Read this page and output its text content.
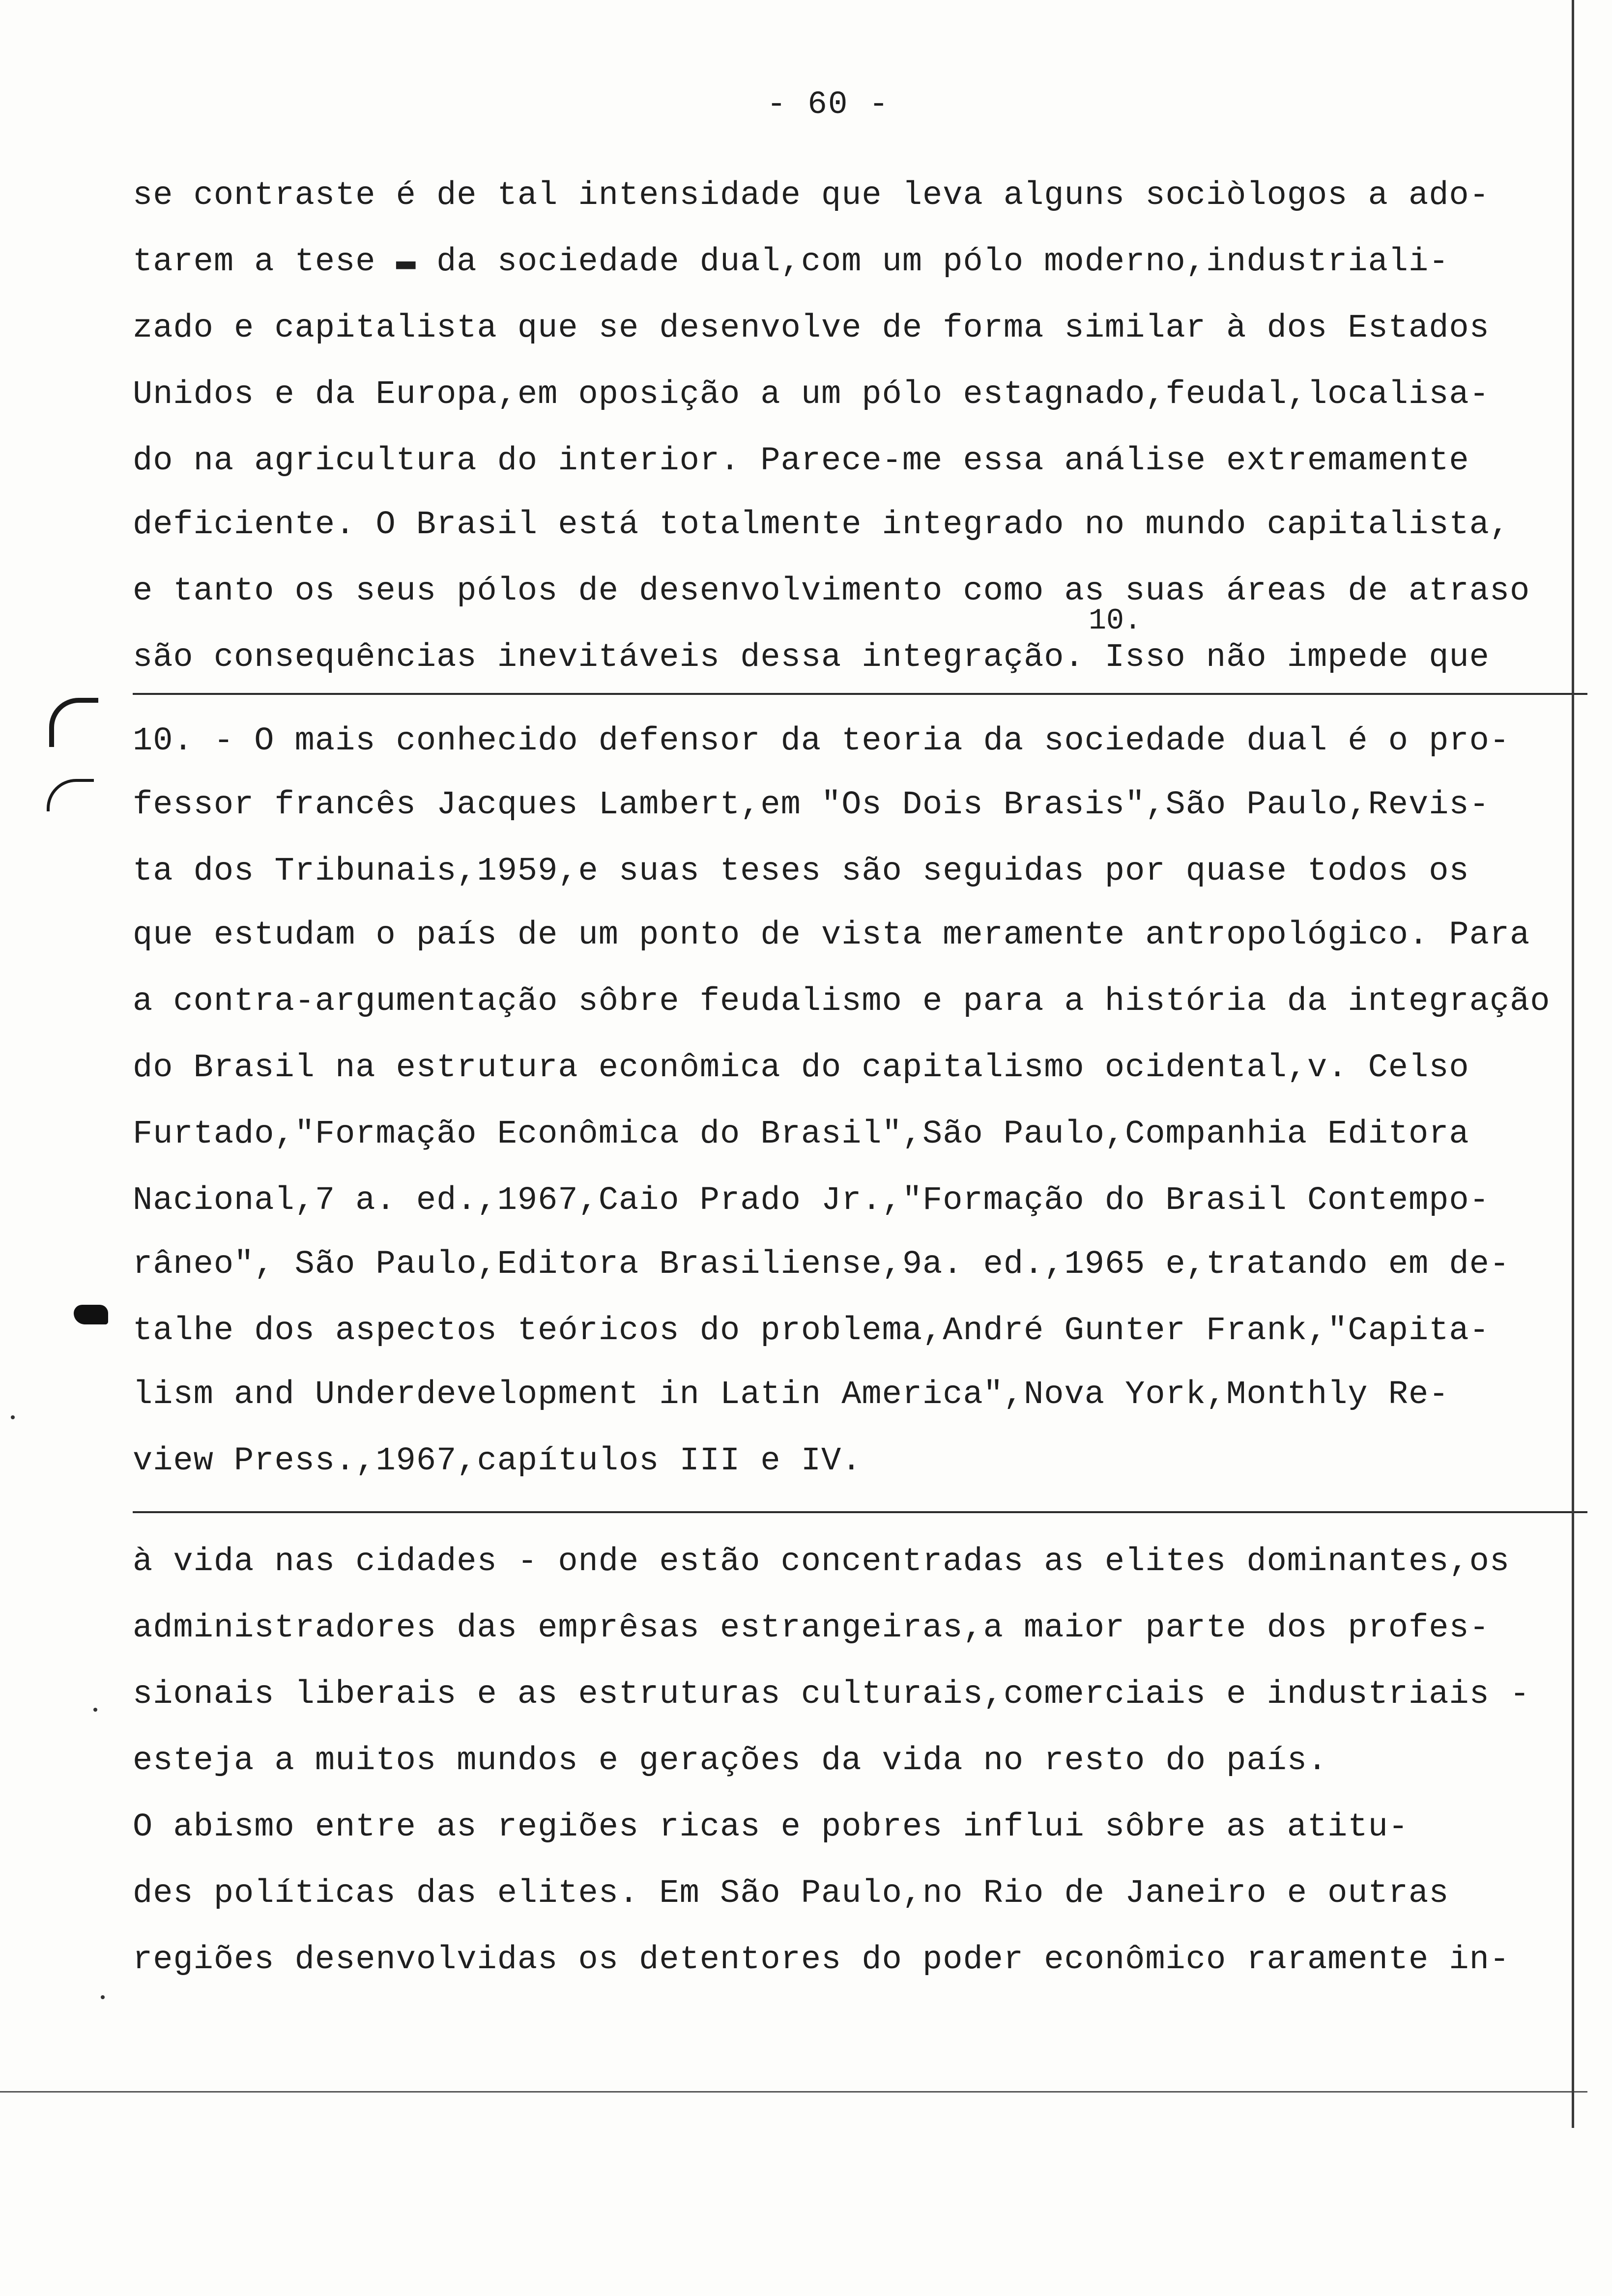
- 60 -
se contraste é de tal intensidade que leva alguns sociòlogos a ado-
tarem a tese ▬ da sociedade dual,com um pólo moderno,industriali-
zado e capitalista que se desenvolve de forma similar à dos Estados
Unidos e da Europa,em oposição a um pólo estagnado,feudal,localisa-
do na agricultura do interior. Parece-me essa análise extremamente
deficiente. O Brasil está totalmente integrado no mundo capitalista,
e tanto os seus pólos de desenvolvimento como as suas áreas de atraso
10.
são consequências inevitáveis dessa integração. Isso não impede que
10. - O mais conhecido defensor da teoria da sociedade dual é o pro-
fessor francês Jacques Lambert,em "Os Dois Brasis",São Paulo,Revis-
ta dos Tribunais,1959,e suas teses são seguidas por quase todos os
que estudam o país de um ponto de vista meramente antropológico. Para
a contra-argumentação sôbre feudalismo e para a história da integração
do Brasil na estrutura econômica do capitalismo ocidental,v. Celso
Furtado,"Formação Econômica do Brasil",São Paulo,Companhia Editora
Nacional,7 a. ed.,1967,Caio Prado Jr.,"Formação do Brasil Contempo-
râneo", São Paulo,Editora Brasiliense,9a. ed.,1965 e,tratando em de-
talhe dos aspectos teóricos do problema,André Gunter Frank,"Capita-
lism and Underdevelopment in Latin America",Nova York,Monthly Re-
view Press.,1967,capítulos III e IV.
à vida nas cidades - onde estão concentradas as elites dominantes,os
administradores das emprêsas estrangeiras,a maior parte dos profes-
sionais liberais e as estruturas culturais,comerciais e industriais -
esteja a muitos mundos e gerações da vida no resto do país.
O abismo entre as regiões ricas e pobres influi sôbre as atitu-
des políticas das elites. Em São Paulo,no Rio de Janeiro e outras
regiões desenvolvidas os detentores do poder econômico raramente in-
